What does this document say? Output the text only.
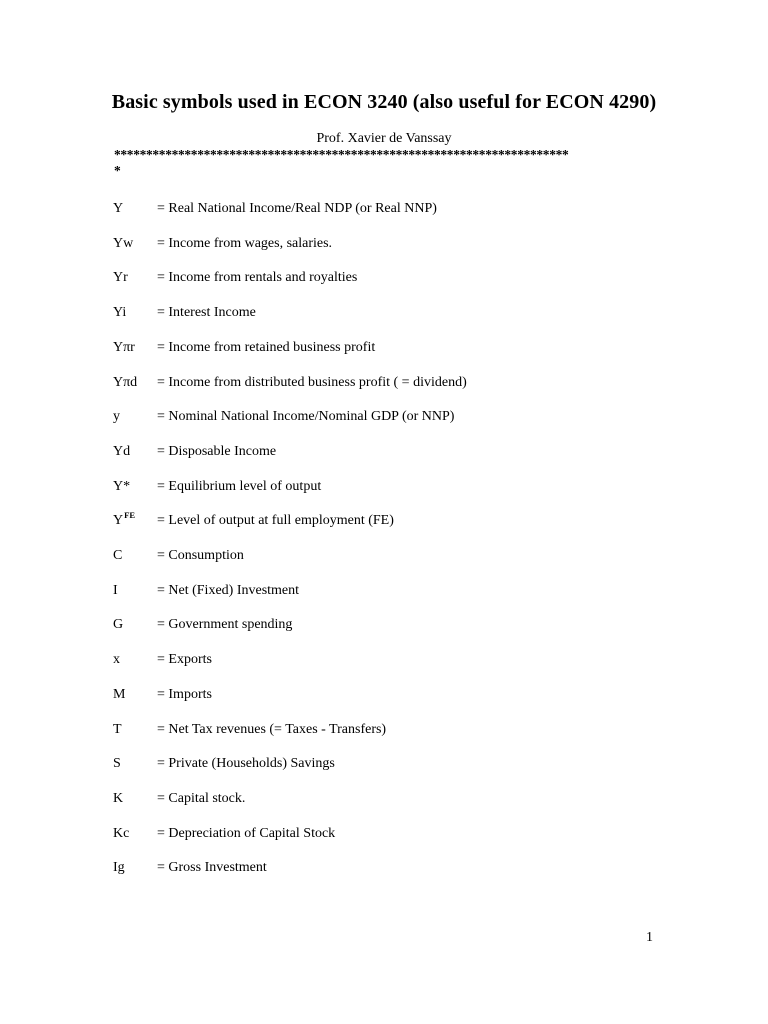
Basic symbols used in ECON 3240 (also useful for ECON 4290)

Prof. Xavier de Vanssay

***********************************************************************

*

Y = Real National Income/Real NDP (or Real NNP)
Yw = Income from wages, salaries.
Yr = Income from rentals and royalties
Yi = Interest Income
Yπr = Income from retained business profit
Yπd = Income from distributed business profit ( = dividend)
y	= Nominal National Income/Nominal GDP (or NNP)
Yd = Disposable Income
Y* = Equilibrium level of output
$Y^{FE}$ = Level of output at full employment (FE)
C = Consumption
I	= Net (Fixed) Investment
G = Government spending
x	= Exports
M = Imports
T	= Net Tax revenues (= Taxes - Transfers)
S	= Private (Households) Savings
K = Capital stock.
Kc = Depreciation of Capital Stock
Ig = Gross Investment

1
